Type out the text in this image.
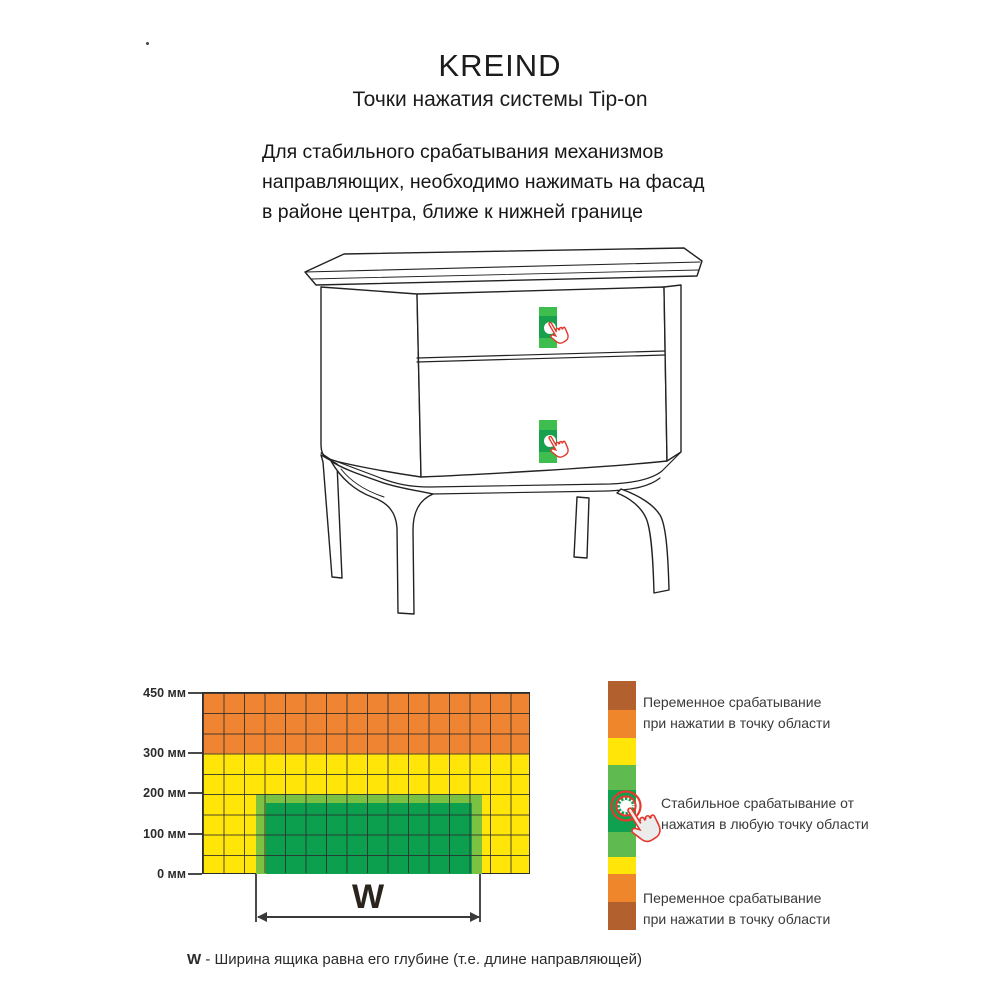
KREIND
Точки нажатия системы Tip-on

Для стабильного срабатывания механизмов
направляющих, необходимо нажимать на фасад
в районе центра, ближе к нижней границе

450 мм
300 мм
200 мм
100 мм
0 мм
W

W - Ширина ящика равна его глубине (т.е. длине направляющей)

Переменное срабатывание
при нажатии в точку области
Стабильное срабатывание от
нажатия в любую точку области
Переменное срабатывание
при нажатии в точку области
